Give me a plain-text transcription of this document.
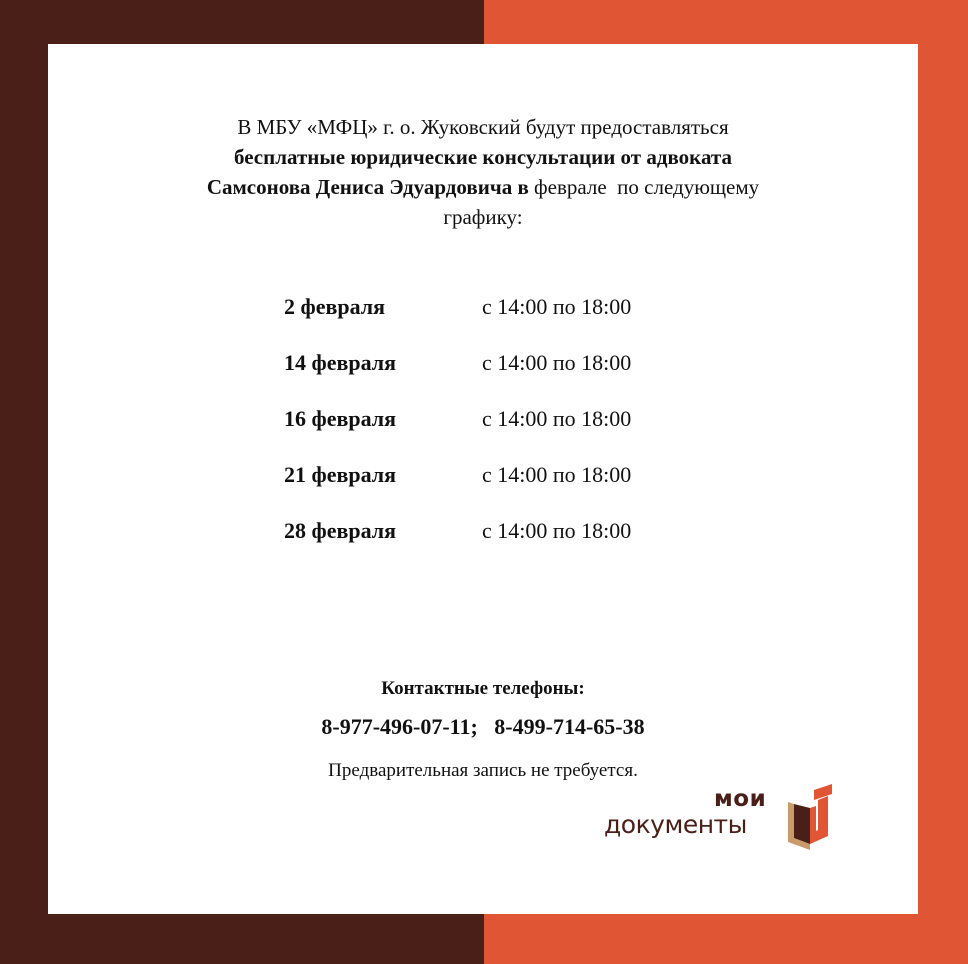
В МБУ «МФЦ» г. о. Жуковский будут предоставляться
бесплатные юридические консультации от адвоката
Самсонова Дениса Эдуардовича в феврале  по следующему
графику:
2 февраля	с 14:00 по 18:00
14 февраля	с 14:00 по 18:00
16 февраля	с 14:00 по 18:00
21 февраля	с 14:00 по 18:00
28 февраля	с 14:00 по 18:00
Контактные телефоны:
8-977-496-07-11;   8-499-714-65-38
Предварительная запись не требуется.
мои
документы
